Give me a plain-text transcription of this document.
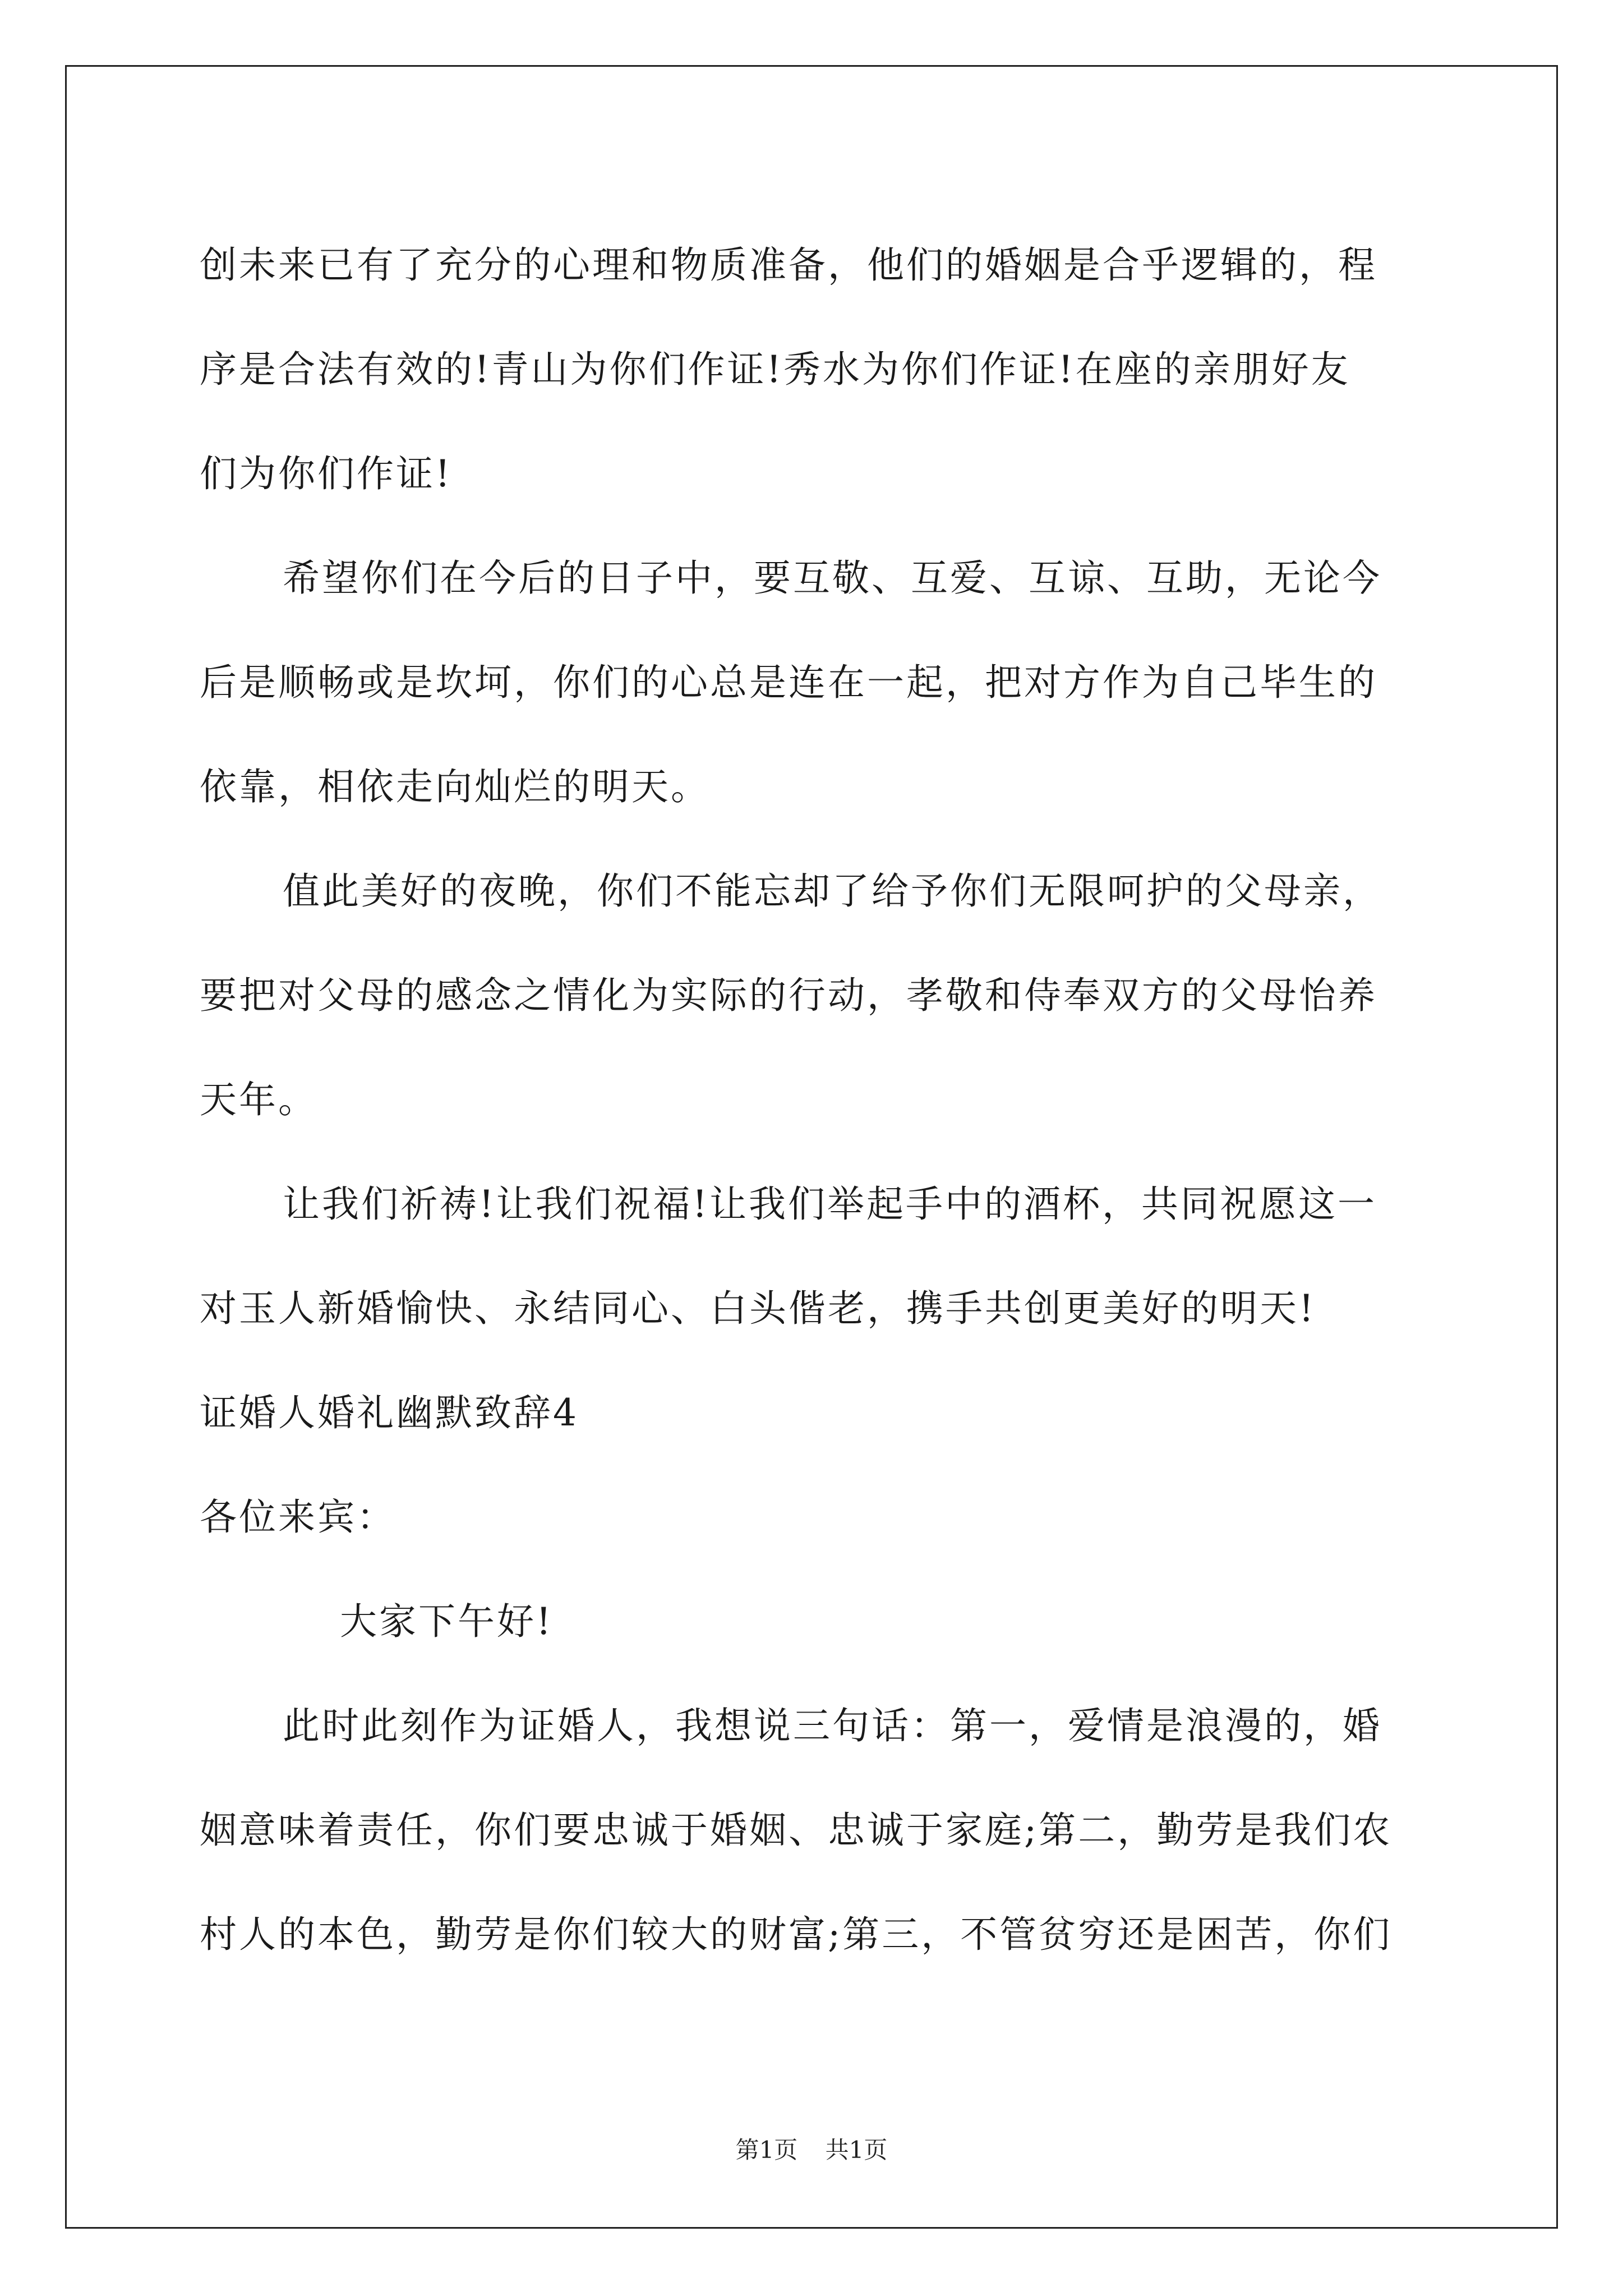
创未来已有了充分的心理和物质准备，他们的婚姻是合乎逻辑的，程
序是合法有效的!青山为你们作证!秀水为你们作证!在座的亲朋好友
们为你们作证!
希望你们在今后的日子中，要互敬、互爱、互谅、互助，无论今
后是顺畅或是坎坷，你们的心总是连在一起，把对方作为自己毕生的
依靠，相依走向灿烂的明天。
值此美好的夜晚，你们不能忘却了给予你们无限呵护的父母亲，
要把对父母的感念之情化为实际的行动，孝敬和侍奉双方的父母怡养
天年。
让我们祈祷!让我们祝福!让我们举起手中的酒杯，共同祝愿这一
对玉人新婚愉快、永结同心、白头偕老，携手共创更美好的明天!
证婚人婚礼幽默致辞4
各位来宾：
大家下午好!
此时此刻作为证婚人，我想说三句话：第一，爱情是浪漫的，婚
姻意味着责任，你们要忠诚于婚姻、忠诚于家庭;第二，勤劳是我们农
村人的本色，勤劳是你们较大的财富;第三，不管贫穷还是困苦，你们
第1页 共1页
